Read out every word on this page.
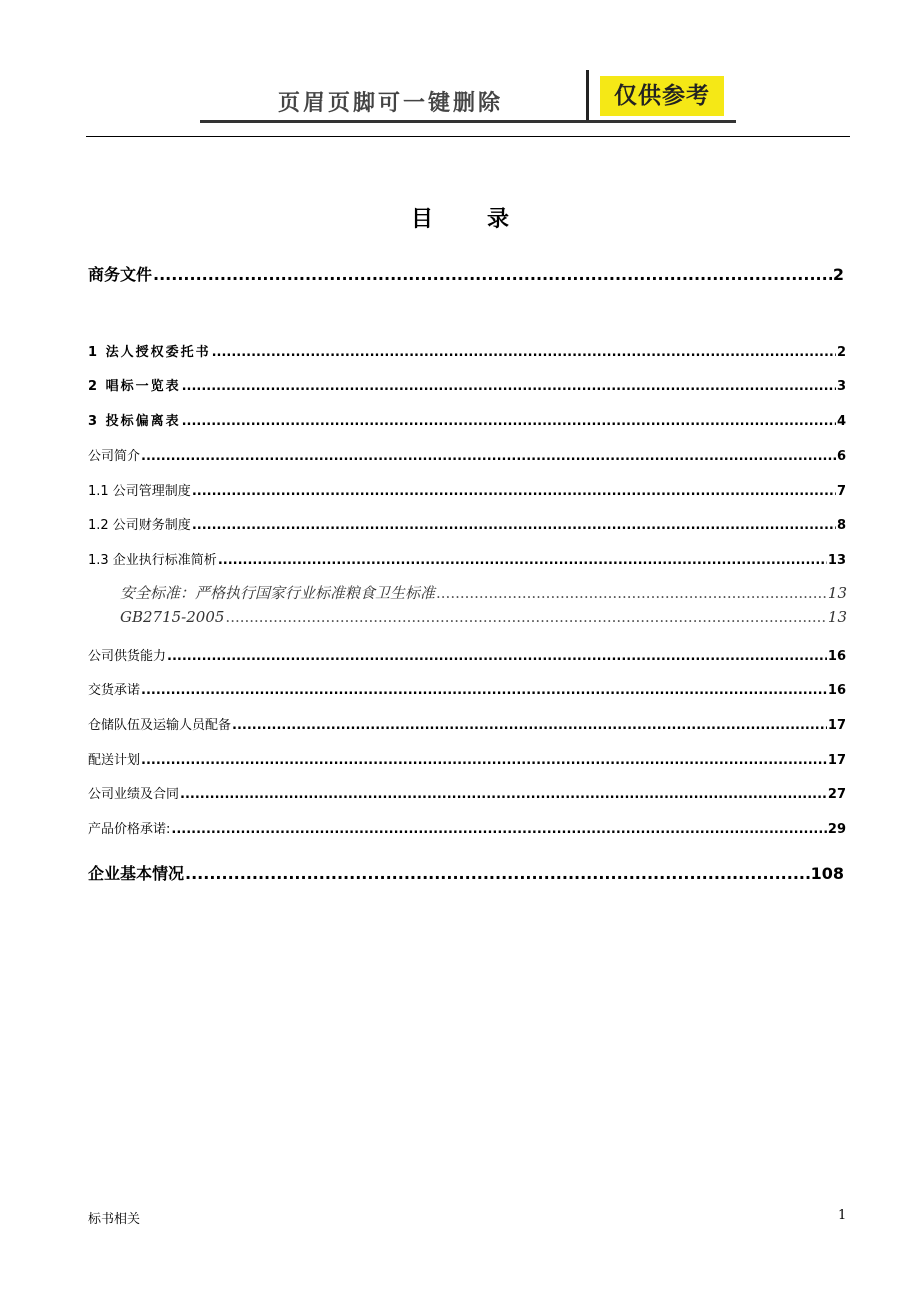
页眉页脚可一键删除	仅供参考
目录
商务文件 .....	2
1 法人授权委托书 .....	2
2 唱标一览表 .....	3
3 投标偏离表 .....	4
公司简介 .....	6
1.1 公司管理制度 .....	7
1.2 公司财务制度 .....	8
1.3 企业执行标准简析 .....	13
安全标准：严格执行国家行业标准粮食卫生标准 .....	13
GB2715-2005 .....	13
公司供货能力 .....	16
交货承诺 .....	16
仓储队伍及运输人员配备 .....	17
配送计划 .....	17
公司业绩及合同 .....	27
产品价格承诺: .....	29
企业基本情况 .....	108
标书相关	1
